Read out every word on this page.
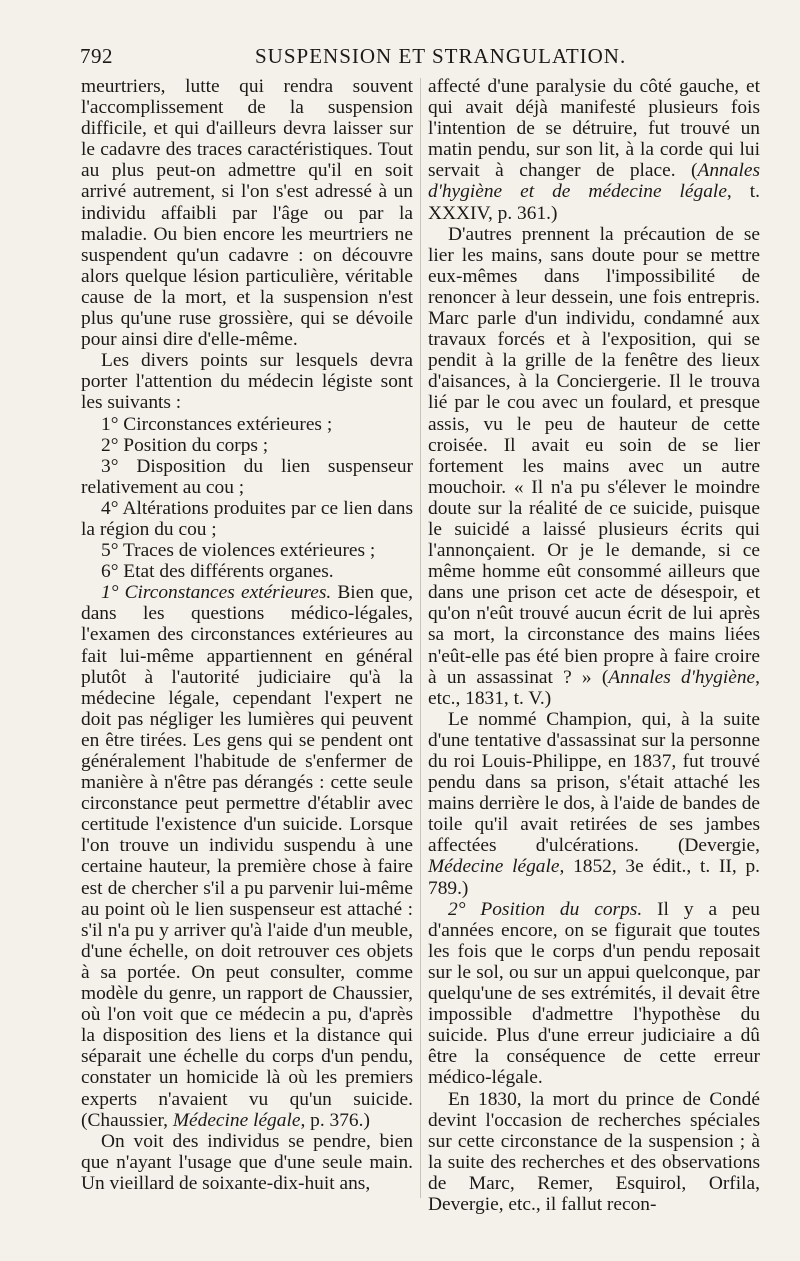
792	SUSPENSION ET STRANGULATION.

meurtriers, lutte qui rendra souvent l'accomplissement de la suspension difficile, et qui d'ailleurs devra laisser sur le cadavre des traces caractéristiques. Tout au plus peut-on admettre qu'il en soit arrivé autrement, si l'on s'est adressé à un individu affaibli par l'âge ou par la maladie. Ou bien encore les meurtriers ne suspendent qu'un cadavre : on découvre alors quelque lésion particulière, véritable cause de la mort, et la suspension n'est plus qu'une ruse grossière, qui se dévoile pour ainsi dire d'elle-même.

Les divers points sur lesquels devra porter l'attention du médecin légiste sont les suivants :

1° Circonstances extérieures ;

2° Position du corps ;

3° Disposition du lien suspenseur relativement au cou ;

4° Altérations produites par ce lien dans la région du cou ;

5° Traces de violences extérieures ;

6° Etat des différents organes.

1° Circonstances extérieures. Bien que, dans les questions médico-légales, l'examen des circonstances extérieures au fait lui-même appartiennent en général plutôt à l'autorité judiciaire qu'à la médecine légale, cependant l'expert ne doit pas négliger les lumières qui peuvent en être tirées. Les gens qui se pendent ont généralement l'habitude de s'enfermer de manière à n'être pas dérangés : cette seule circonstance peut permettre d'établir avec certitude l'existence d'un suicide. Lorsque l'on trouve un individu suspendu à une certaine hauteur, la première chose à faire est de chercher s'il a pu parvenir lui-même au point où le lien suspenseur est attaché : s'il n'a pu y arriver qu'à l'aide d'un meuble, d'une échelle, on doit retrouver ces objets à sa portée. On peut consulter, comme modèle du genre, un rapport de Chaussier, où l'on voit que ce médecin a pu, d'après la disposition des liens et la distance qui séparait une échelle du corps d'un pendu, constater un homicide là où les premiers experts n'avaient vu qu'un suicide. (Chaussier, Médecine légale, p. 376.)

On voit des individus se pendre, bien que n'ayant l'usage que d'une seule main. Un vieillard de soixante-dix-huit ans,

affecté d'une paralysie du côté gauche, et qui avait déjà manifesté plusieurs fois l'intention de se détruire, fut trouvé un matin pendu, sur son lit, à la corde qui lui servait à changer de place. (Annales d'hygiène et de médecine légale, t. XXXIV, p. 361.)

D'autres prennent la précaution de se lier les mains, sans doute pour se mettre eux-mêmes dans l'impossibilité de renoncer à leur dessein, une fois entrepris. Marc parle d'un individu, condamné aux travaux forcés et à l'exposition, qui se pendit à la grille de la fenêtre des lieux d'aisances, à la Conciergerie. Il le trouva lié par le cou avec un foulard, et presque assis, vu le peu de hauteur de cette croisée. Il avait eu soin de se lier fortement les mains avec un autre mouchoir. « Il n'a pu s'élever le moindre doute sur la réalité de ce suicide, puisque le suicidé a laissé plusieurs écrits qui l'annonçaient. Or je le demande, si ce même homme eût consommé ailleurs que dans une prison cet acte de désespoir, et qu'on n'eût trouvé aucun écrit de lui après sa mort, la circonstance des mains liées n'eût-elle pas été bien propre à faire croire à un assassinat ? » (Annales d'hygiène, etc., 1831, t. V.)

Le nommé Champion, qui, à la suite d'une tentative d'assassinat sur la personne du roi Louis-Philippe, en 1837, fut trouvé pendu dans sa prison, s'était attaché les mains derrière le dos, à l'aide de bandes de toile qu'il avait retirées de ses jambes affectées d'ulcérations. (Devergie, Médecine légale, 1852, 3e édit., t. II, p. 789.)

2° Position du corps. Il y a peu d'années encore, on se figurait que toutes les fois que le corps d'un pendu reposait sur le sol, ou sur un appui quelconque, par quelqu'une de ses extrémités, il devait être impossible d'admettre l'hypothèse du suicide. Plus d'une erreur judiciaire a dû être la conséquence de cette erreur médico-légale.

En 1830, la mort du prince de Condé devint l'occasion de recherches spéciales sur cette circonstance de la suspension ; à la suite des recherches et des observations de Marc, Remer, Esquirol, Orfila, Devergie, etc., il fallut recon-
